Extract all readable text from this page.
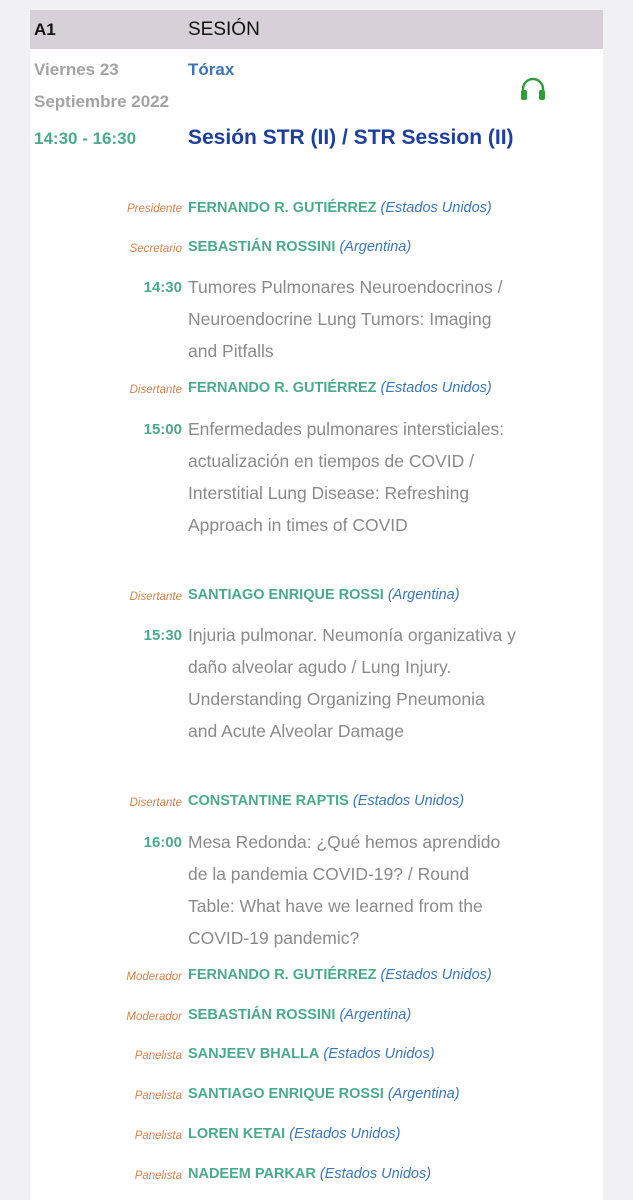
A1	SESIÓN
Viernes 23
Septiembre 2022
Tórax
14:30 - 16:30 Sesión STR (II) / STR Session (II)
Presidente FERNANDO R. GUTIÉRREZ (Estados Unidos)
Secretario SEBASTIÁN ROSSINI (Argentina)
14:30 Tumores Pulmonares Neuroendocrinos / Neuroendocrine Lung Tumors: Imaging and Pitfalls
Disertante FERNANDO R. GUTIÉRREZ (Estados Unidos)
15:00 Enfermedades pulmonares intersticiales: actualización en tiempos de COVID / Interstitial Lung Disease: Refreshing Approach in times of COVID
Disertante SANTIAGO ENRIQUE ROSSI (Argentina)
15:30 Injuria pulmonar. Neumonía organizativa y daño alveolar agudo / Lung Injury. Understanding Organizing Pneumonia and Acute Alveolar Damage
Disertante CONSTANTINE RAPTIS (Estados Unidos)
16:00 Mesa Redonda: ¿Qué hemos aprendido de la pandemia COVID-19? / Round Table: What have we learned from the COVID-19 pandemic?
Moderador FERNANDO R. GUTIÉRREZ (Estados Unidos)
Moderador SEBASTIÁN ROSSINI (Argentina)
Panelista SANJEEV BHALLA (Estados Unidos)
Panelista SANTIAGO ENRIQUE ROSSI (Argentina)
Panelista LOREN KETAI (Estados Unidos)
Panelista NADEEM PARKAR (Estados Unidos)
